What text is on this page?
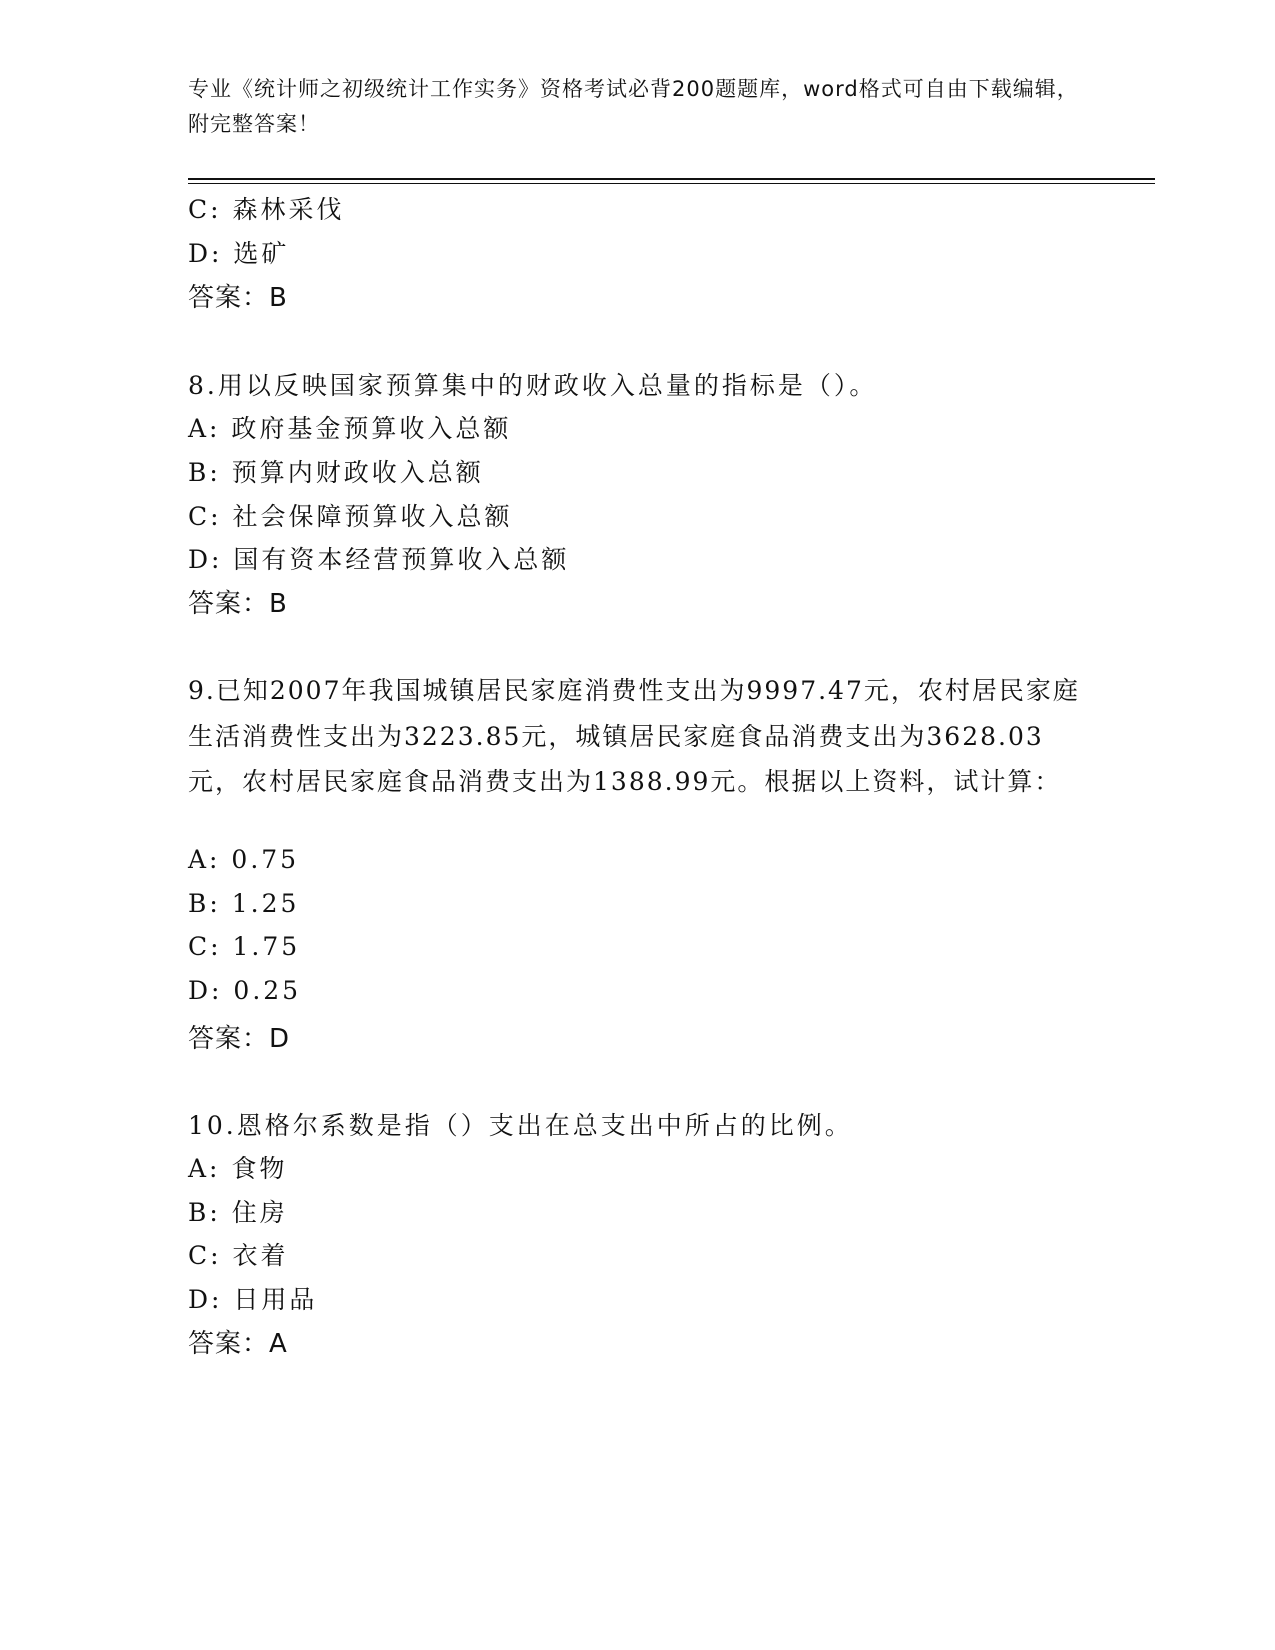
专业《统计师之初级统计工作实务》资格考试必背200题题库，word格式可自由下载编辑，附完整答案！
C: 森林采伐
D: 选矿
答案：B
8.用以反映国家预算集中的财政收入总量的指标是（）。
A: 政府基金预算收入总额
B: 预算内财政收入总额
C: 社会保障预算收入总额
D: 国有资本经营预算收入总额
答案：B
9.已知2007年我国城镇居民家庭消费性支出为9997.47元，农村居民家庭生活消费性支出为3223.85元，城镇居民家庭食品消费支出为3628.03元，农村居民家庭食品消费支出为1388.99元。根据以上资料，试计算：
A: 0.75
B: 1.25
C: 1.75
D: 0.25
答案：D
10.恩格尔系数是指（）支出在总支出中所占的比例。
A: 食物
B: 住房
C: 衣着
D: 日用品
答案：A
